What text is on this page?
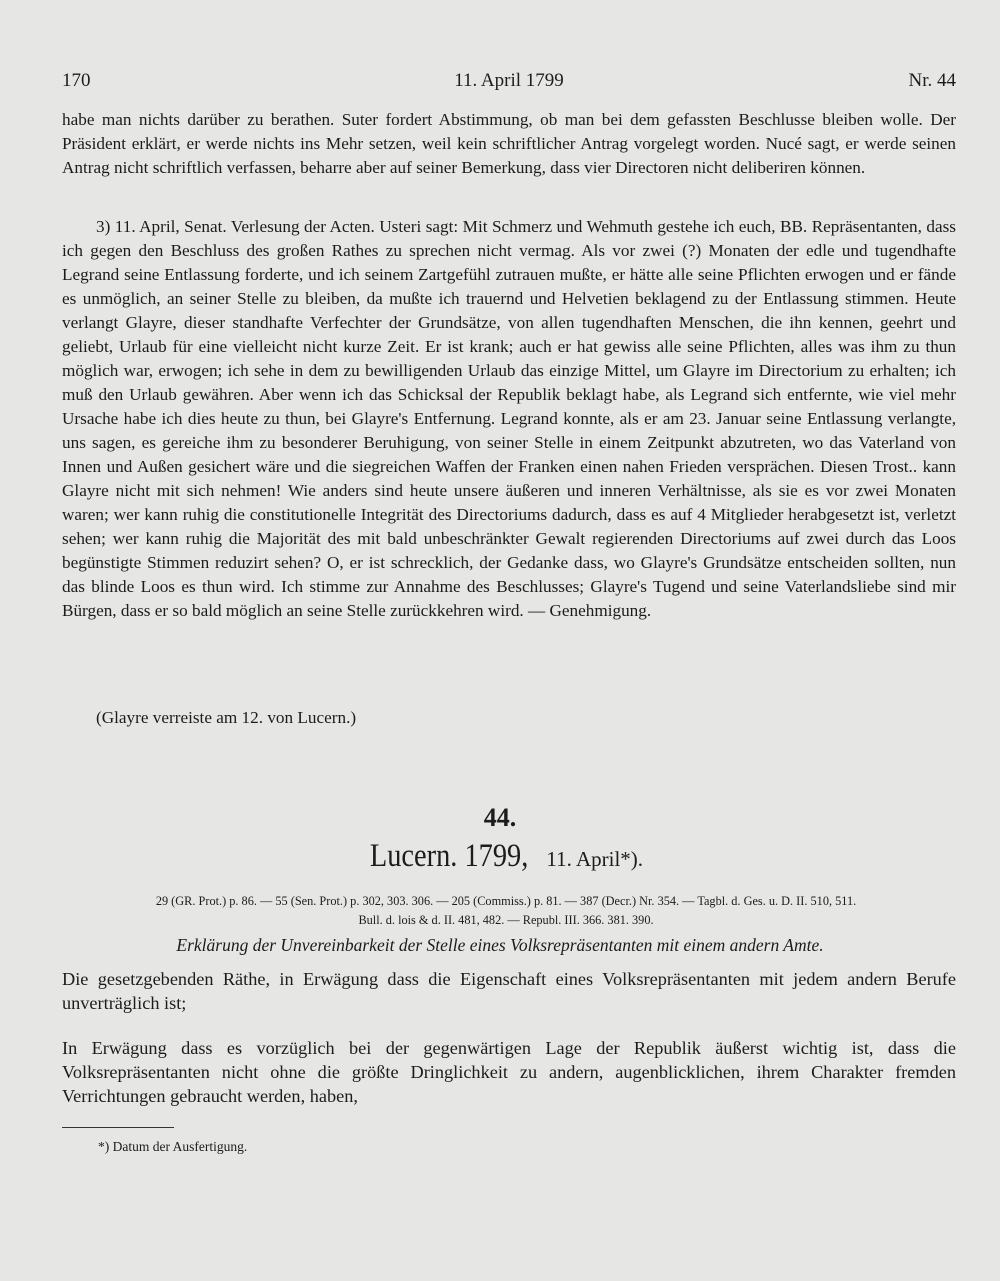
170	11. April 1799	Nr. 44

habe man nichts darüber zu berathen. Suter fordert Abstimmung, ob man bei dem gefassten Beschlusse bleiben wolle. Der Präsident erklärt, er werde nichts ins Mehr setzen, weil kein schriftlicher Antrag vorgelegt worden. Nucé sagt, er werde seinen Antrag nicht schriftlich verfassen, beharre aber auf seiner Bemerkung, dass vier Directoren nicht deliberiren können.

3) 11. April, Senat. Verlesung der Acten. Usteri sagt: Mit Schmerz und Wehmuth gestehe ich euch, BB. Repräsentanten, dass ich gegen den Beschluss des großen Rathes zu sprechen nicht vermag. Als vor zwei (?) Monaten der edle und tugendhafte Legrand seine Entlassung forderte, und ich seinem Zartgefühl zutrauen mußte, er hätte alle seine Pflichten erwogen und er fände es unmöglich, an seiner Stelle zu bleiben, da mußte ich trauernd und Helvetien beklagend zu der Entlassung stimmen. Heute verlangt Glayre, dieser standhafte Verfechter der Grundsätze, von allen tugendhaften Menschen, die ihn kennen, geehrt und geliebt, Urlaub für eine vielleicht nicht kurze Zeit. Er ist krank; auch er hat gewiss alle seine Pflichten, alles was ihm zu thun möglich war, erwogen; ich sehe in dem zu bewilligenden Urlaub das einzige Mittel, um Glayre im Directorium zu erhalten; ich muß den Urlaub gewähren. Aber wenn ich das Schicksal der Republik beklagt habe, als Legrand sich entfernte, wie viel mehr Ursache habe ich dies heute zu thun, bei Glayre's Entfernung. Legrand konnte, als er am 23. Januar seine Entlassung verlangte, uns sagen, es gereiche ihm zu besonderer Beruhigung, von seiner Stelle in einem Zeitpunkt abzutreten, wo das Vaterland von Innen und Außen gesichert wäre und die siegreichen Waffen der Franken einen nahen Frieden versprächen. Diesen Trost.. kann Glayre nicht mit sich nehmen! Wie anders sind heute unsere äußeren und inneren Verhältnisse, als sie es vor zwei Monaten waren; wer kann ruhig die constitutionelle Integrität des Directoriums dadurch, dass es auf 4 Mitglieder herabgesetzt ist, verletzt sehen; wer kann ruhig die Majorität des mit bald unbeschränkter Gewalt regierenden Directoriums auf zwei durch das Loos begünstigte Stimmen reduzirt sehen? O, er ist schrecklich, der Gedanke dass, wo Glayre's Grundsätze entscheiden sollten, nun das blinde Loos es thun wird. Ich stimme zur Annahme des Beschlusses; Glayre's Tugend und seine Vaterlandsliebe sind mir Bürgen, dass er so bald möglich an seine Stelle zurückkehren wird. — Genehmigung.

(Glayre verreiste am 12. von Lucern.)

44.
Lucern. 1799, 11. April*).

29 (GR. Prot.) p. 86. — 55 (Sen. Prot.) p. 302, 303. 306. — 205 (Commiss.) p. 81. — 387 (Decr.) Nr. 354. — Tagbl. d. Ges. u. D. II. 510, 511.

Bull. d. lois & d. II. 481, 482. — Republ. III. 366. 381. 390.

Erklärung der Unvereinbarkeit der Stelle eines Volksrepräsentanten mit einem andern Amte.

Die gesetzgebenden Räthe, in Erwägung dass die Eigenschaft eines Volksrepräsentanten mit jedem andern Berufe unverträglich ist;

In Erwägung dass es vorzüglich bei der gegenwärtigen Lage der Republik äußerst wichtig ist, dass die Volksrepräsentanten nicht ohne die größte Dringlichkeit zu andern, augenblicklichen, ihrem Charakter fremden Verrichtungen gebraucht werden, haben,

*) Datum der Ausfertigung.
